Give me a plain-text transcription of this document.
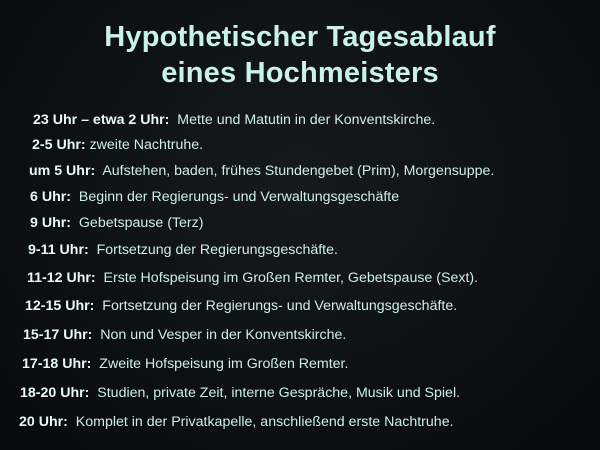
Hypothetischer Tagesablauf
eines Hochmeisters
23 Uhr – etwa 2 Uhr: Mette und Matutin in der Konventskirche.
2-5 Uhr: zweite Nachtruhe.
um 5 Uhr: Aufstehen, baden, frühes Stundengebet (Prim), Morgensuppe.
6 Uhr: Beginn der Regierungs- und Verwaltungsgeschäfte
9 Uhr: Gebetspause (Terz)
9-11 Uhr: Fortsetzung der Regierungsgeschäfte.
11-12 Uhr: Erste Hofspeisung im Großen Remter, Gebetspause (Sext).
12-15 Uhr: Fortsetzung der Regierungs- und Verwaltungsgeschäfte.
15-17 Uhr: Non und Vesper in der Konventskirche.
17-18 Uhr: Zweite Hofspeisung im Großen Remter.
18-20 Uhr: Studien, private Zeit, interne Gespräche, Musik und Spiel.
20 Uhr: Komplet in der Privatkapelle, anschließend erste Nachtruhe.
